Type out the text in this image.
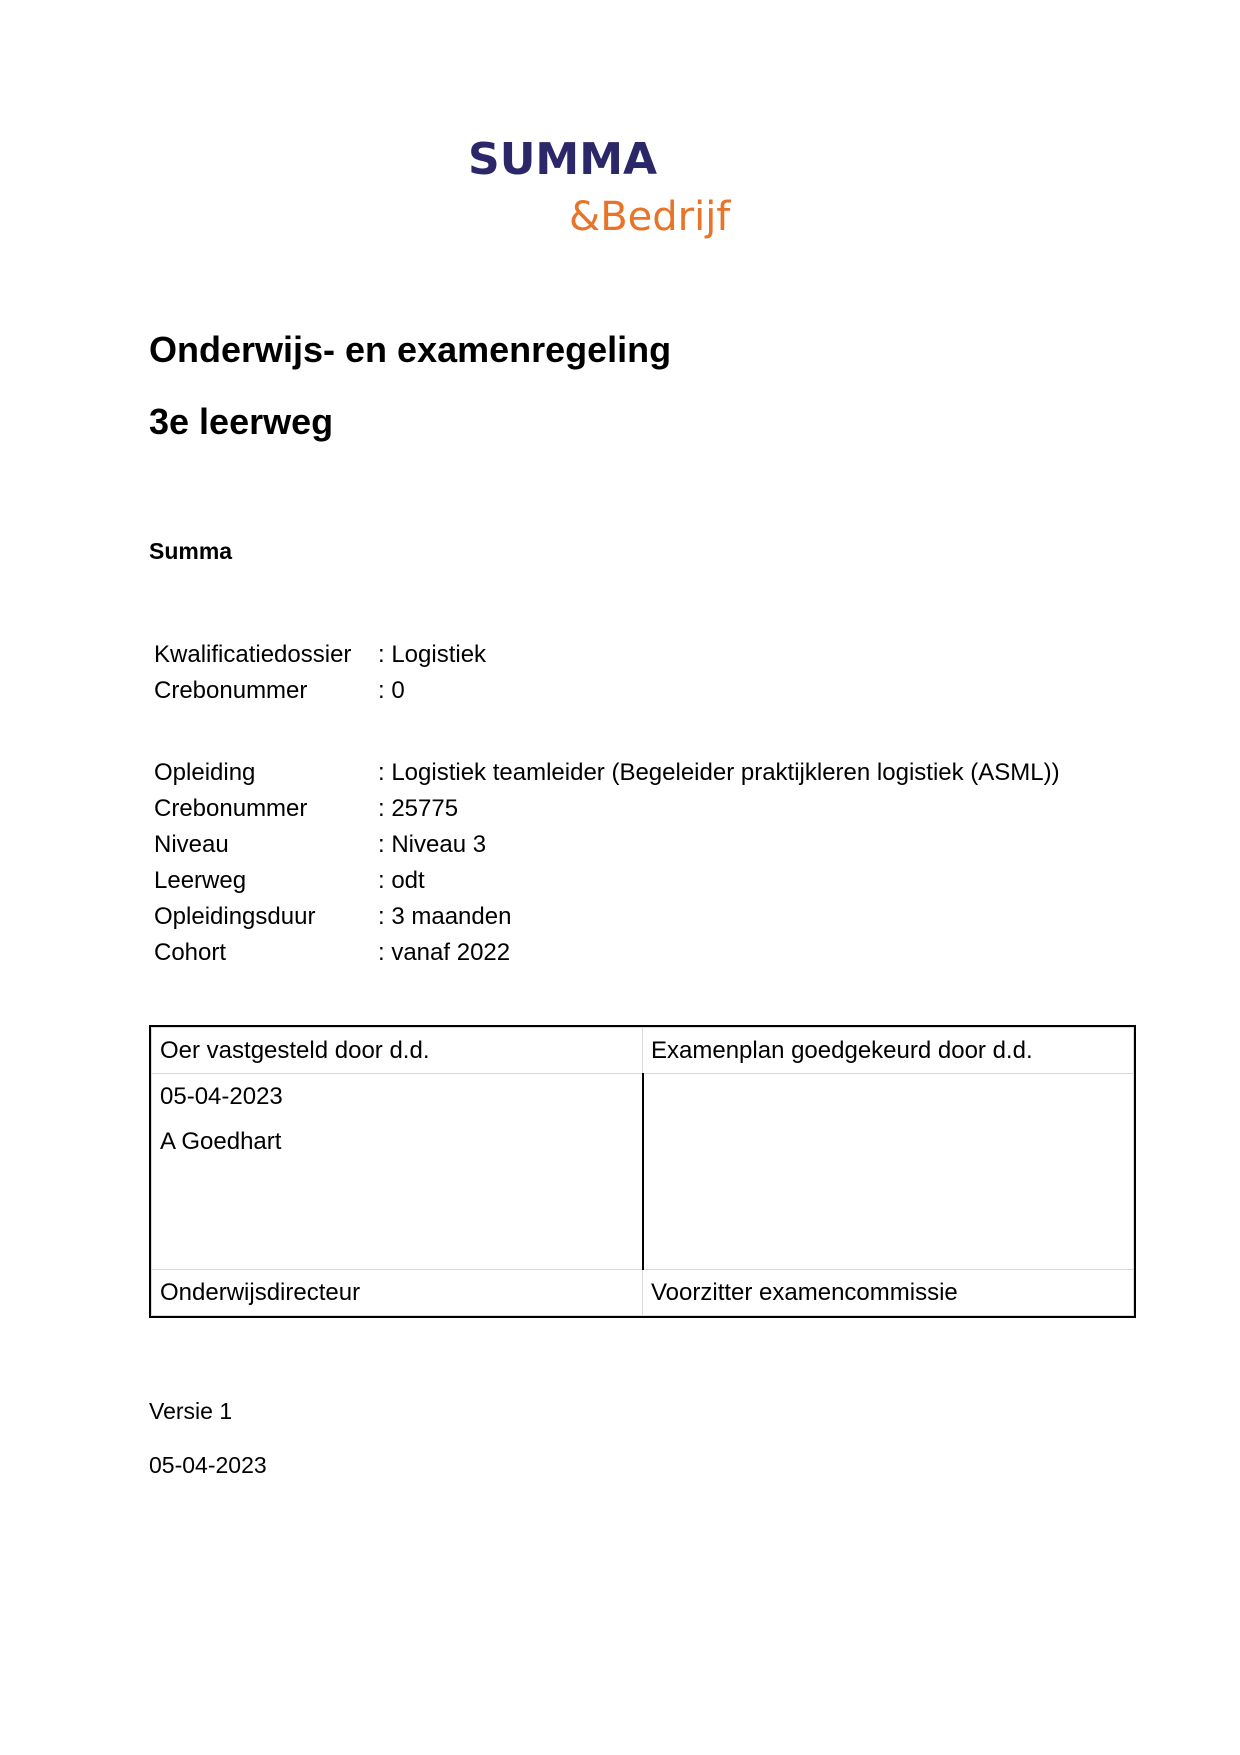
SUMMA
&Bedrijf
Onderwijs- en examenregeling
3e leerweg
Summa
Kwalificatiedossier	: Logistiek
Crebonummer	: 0
Opleiding	: Logistiek teamleider (Begeleider praktijkleren logistiek (ASML))
Crebonummer	: 25775
Niveau	: Niveau 3
Leerweg	: odt
Opleidingsduur	: 3 maanden
Cohort	: vanaf 2022
Oer vastgesteld door d.d.	Examenplan goedgekeurd door d.d.

05-04-2023
A Goedhart	

Onderwijsdirecteur	Voorzitter examencommissie
Versie 1
05-04-2023
